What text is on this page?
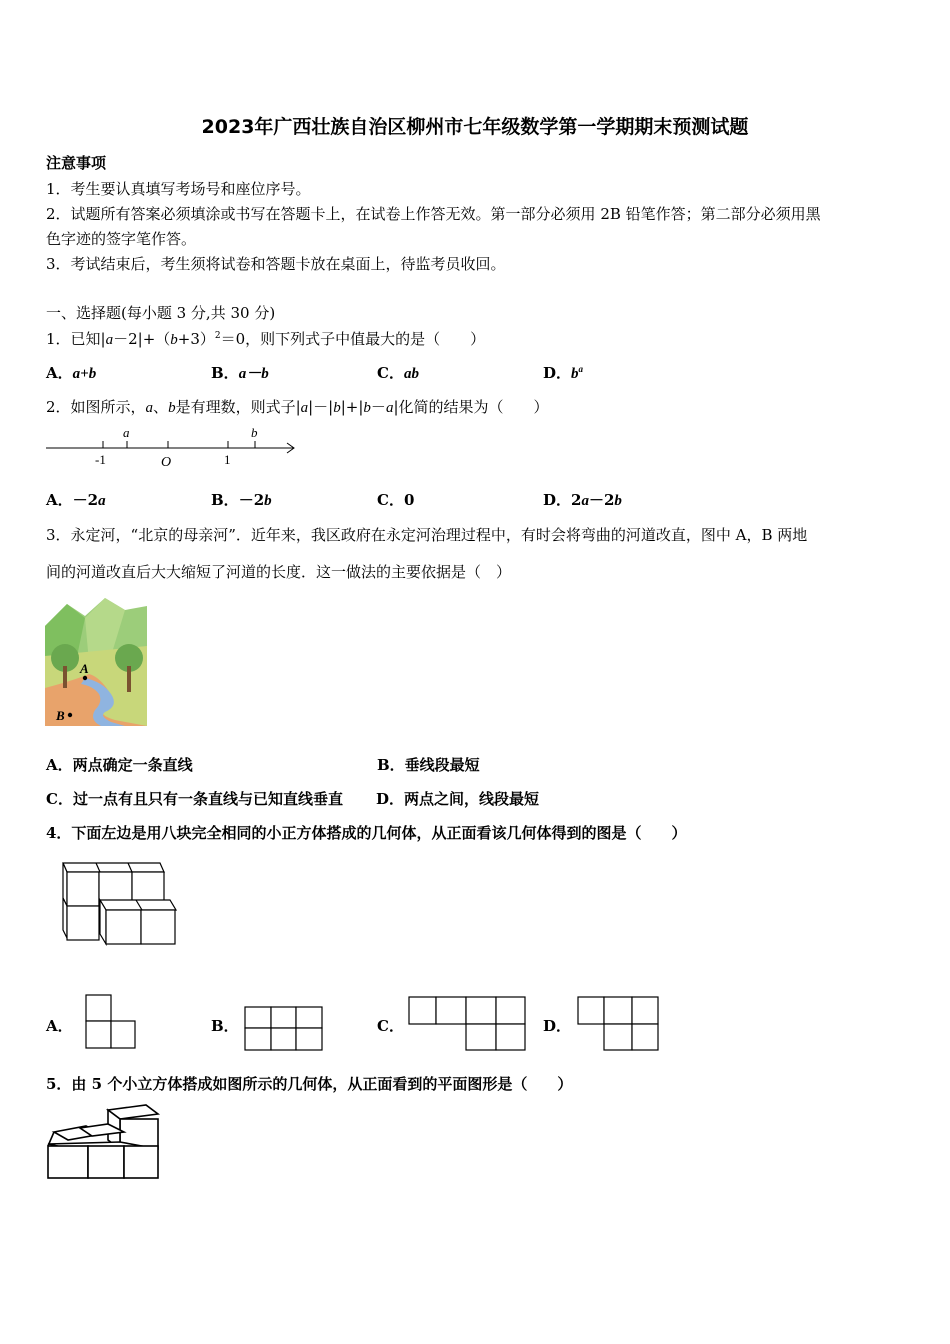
2023年广西壮族自治区柳州市七年级数学第一学期期末预测试题
注意事项
1．考生要认真填写考场号和座位序号。
2．试题所有答案必须填涂或书写在答题卡上，在试卷上作答无效。第一部分必须用 2B 铅笔作答；第二部分必须用黑
色字迹的签字笔作答。
3．考试结束后，考生须将试卷和答题卡放在桌面上，待监考员收回。
一、选择题(每小题 3 分,共 30 分)
1．已知$|a-2|+(b+3)^2=0$，则下列式子中值最大的是（　　）
A．a+b	B．a－b	C．ab	D．$b^a$
2．如图所示，a、b是有理数，则式子|a|－|b|+|b－a|化简的结果为（　　）
a	b
-1	O	1
A．－2a	B．－2b	C．0	D．2a－2b
3．永定河，“北京的母亲河”．近年来，我区政府在永定河治理过程中，有时会将弯曲的河道改直，图中 A，B 两地
间的河道改直后大大缩短了河道的长度．这一做法的主要依据是（　）
A
B
A．两点确定一条直线	B．垂线段最短
C．过一点有且只有一条直线与已知直线垂直 D．两点之间，线段最短
4．下面左边是用八块完全相同的小正方体搭成的几何体，从正面看该几何体得到的图是（　　）
A．	B．	C．	D．
5．由 5 个小立方体搭成如图所示的几何体，从正面看到的平面图形是（　　）
